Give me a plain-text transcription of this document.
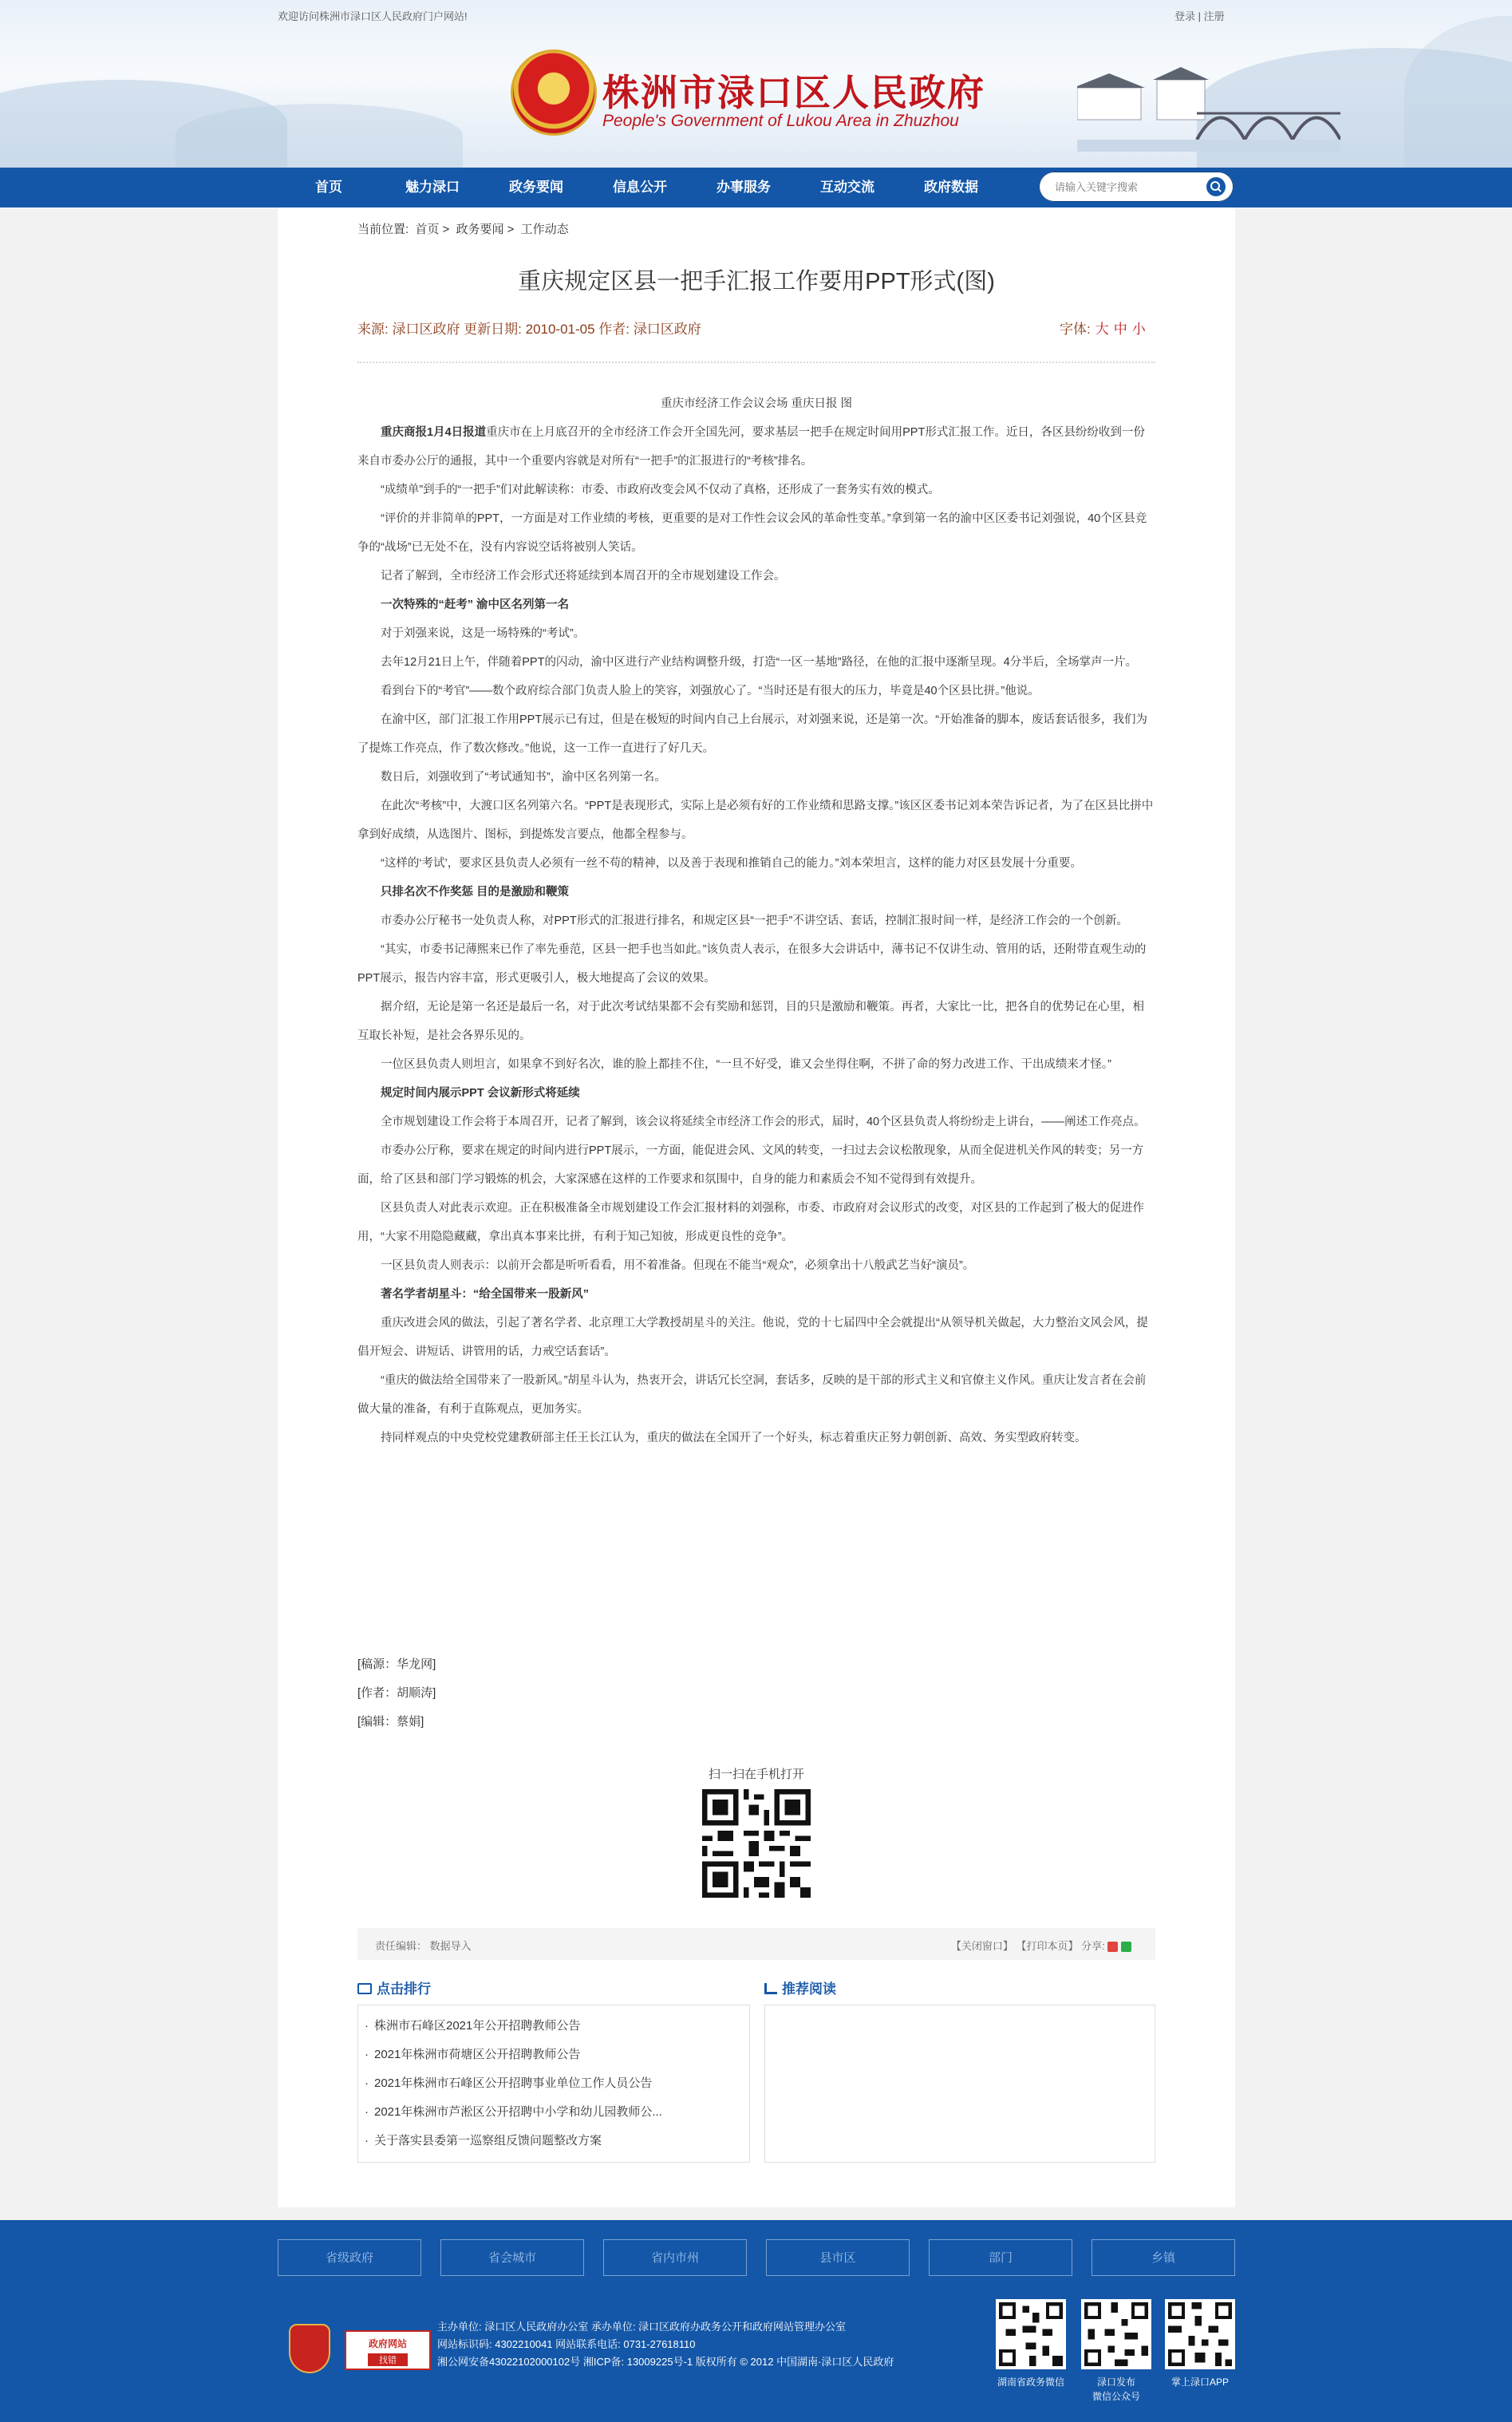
欢迎访问株洲市渌口区人民政府门户网站!	登录 | 注册
株洲市渌口区人民政府
People's Government of Lukou Area in Zhuzhou
首页	魅力渌口	政务要闻	信息公开	办事服务	互动交流	政府数据
请输入关键字搜索
当前位置: 首页 > 政务要闻 > 工作动态
重庆规定区县一把手汇报工作要用PPT形式(图)
来源: 渌口区政府 更新日期: 2010-01-05 作者: 渌口区政府	字体: 大 中 小

重庆市经济工作会议会场 重庆日报 图

重庆商报1月4日报道重庆市在上月底召开的全市经济工作会开全国先河，要求基层一把手在规定时间用PPT形式汇报工作。近日，各区县纷纷收到一份来自市委办公厅的通报，其中一个重要内容就是对所有“一把手”的汇报进行的“考核”排名。

“成绩单”到手的“一把手”们对此解读称：市委、市政府改变会风不仅动了真格，还形成了一套务实有效的模式。

“评价的并非简单的PPT，一方面是对工作业绩的考核，更重要的是对工作性会议会风的革命性变革。”拿到第一名的渝中区区委书记刘强说，40个区县竞争的“战场”已无处不在，没有内容说空话将被别人笑话。

记者了解到，全市经济工作会形式还将延续到本周召开的全市规划建设工作会。

一次特殊的“赶考” 渝中区名列第一名

对于刘强来说，这是一场特殊的“考试”。

去年12月21日上午，伴随着PPT的闪动，渝中区进行产业结构调整升级，打造“一区一基地”路径，在他的汇报中逐渐呈现。4分半后，全场掌声一片。

看到台下的“考官”——数个政府综合部门负责人脸上的笑容，刘强放心了。“当时还是有很大的压力，毕竟是40个区县比拼。”他说。

在渝中区，部门汇报工作用PPT展示已有过，但是在极短的时间内自己上台展示，对刘强来说，还是第一次。“开始准备的脚本，废话套话很多，我们为了提炼工作亮点，作了数次修改。”他说，这一工作一直进行了好几天。

数日后，刘强收到了“考试通知书”，渝中区名列第一名。

在此次“考核”中，大渡口区名列第六名。“PPT是表现形式，实际上是必须有好的工作业绩和思路支撑。”该区区委书记刘本荣告诉记者，为了在区县比拼中拿到好成绩，从选图片、图标，到提炼发言要点，他都全程参与。

“这样的‘考试’，要求区县负责人必须有一丝不苟的精神，以及善于表现和推销自己的能力。”刘本荣坦言，这样的能力对区县发展十分重要。

只排名次不作奖惩 目的是激励和鞭策

市委办公厅秘书一处负责人称，对PPT形式的汇报进行排名，和规定区县“一把手”不讲空话、套话，控制汇报时间一样，是经济工作会的一个创新。

“其实，市委书记薄熙来已作了率先垂范，区县一把手也当如此。”该负责人表示，在很多大会讲话中，薄书记不仅讲生动、管用的话，还附带直观生动的PPT展示，报告内容丰富，形式更吸引人，极大地提高了会议的效果。

据介绍，无论是第一名还是最后一名，对于此次考试结果都不会有奖励和惩罚，目的只是激励和鞭策。再者，大家比一比，把各自的优势记在心里，相互取长补短，是社会各界乐见的。

一位区县负责人则坦言，如果拿不到好名次，谁的脸上都挂不住，“一旦不好受，谁又会坐得住啊，不拼了命的努力改进工作、干出成绩来才怪。”

规定时间内展示PPT 会议新形式将延续

全市规划建设工作会将于本周召开，记者了解到，该会议将延续全市经济工作会的形式，届时，40个区县负责人将纷纷走上讲台，——阐述工作亮点。

市委办公厅称，要求在规定的时间内进行PPT展示，一方面，能促进会风、文风的转变，一扫过去会议松散现象，从而全促进机关作风的转变；另一方面，给了区县和部门学习锻炼的机会，大家深感在这样的工作要求和氛围中，自身的能力和素质会不知不觉得到有效提升。

区县负责人对此表示欢迎。正在积极准备全市规划建设工作会汇报材料的刘强称，市委、市政府对会议形式的改变，对区县的工作起到了极大的促进作用，“大家不用隐隐藏藏，拿出真本事来比拼，有利于知己知彼，形成更良性的竞争”。

一区县负责人则表示：以前开会都是听听看看，用不着准备。但现在不能当“观众”，必须拿出十八般武艺当好“演员”。

著名学者胡星斗：“给全国带来一股新风”

重庆改进会风的做法，引起了著名学者、北京理工大学教授胡星斗的关注。他说，党的十七届四中全会就提出“从领导机关做起，大力整治文风会风，提倡开短会、讲短话、讲管用的话，力戒空话套话”。

“重庆的做法给全国带来了一股新风。”胡星斗认为，热衷开会，讲话冗长空洞，套话多，反映的是干部的形式主义和官僚主义作风。重庆让发言者在会前做大量的准备，有利于直陈观点，更加务实。

持同样观点的中央党校党建教研部主任王长江认为，重庆的做法在全国开了一个好头，标志着重庆正努力朝创新、高效、务实型政府转变。

[稿源：华龙网]
[作者：胡顺涛]
[编辑：蔡娟]
扫一扫在手机打开
责任编辑： 数据导入	【关闭窗口】 【打印本页】 分享:
点击排行
· 株洲市石峰区2021年公开招聘教师公告
· 2021年株洲市荷塘区公开招聘教师公告
· 2021年株洲市石峰区公开招聘事业单位工作人员公告
· 2021年株洲市芦淞区公开招聘中小学和幼儿园教师公...
· 关于落实县委第一巡察组反馈问题整改方案
推荐阅读
省级政府	省会城市	省内市州	县市区	部门	乡镇
政府网站
找错
主办单位: 渌口区人民政府办公室 承办单位: 渌口区政府办政务公开和政府网站管理办公室
网站标识码: 4302210041 网站联系电话: 0731-27618110
湘公网安备43022102000102号 湘ICP备: 13009225号-1 版权所有 © 2012 中国湖南·渌口区人民政府
湖南省政务微信	渌口发布
微信公众号
掌上渌口APP
